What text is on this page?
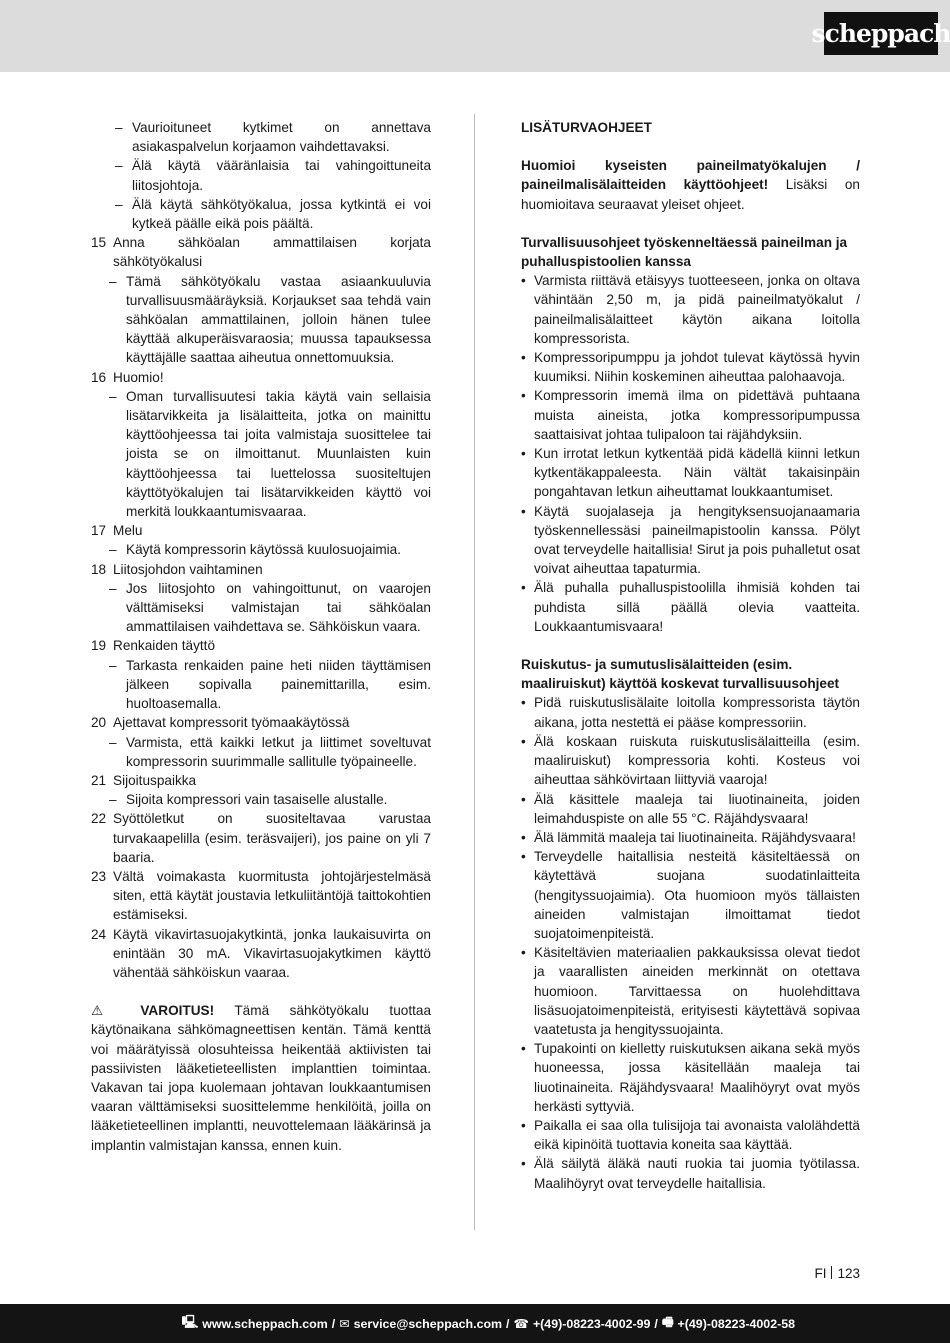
scheppach
– Vaurioituneet kytkimet on annettava asiakaspalvelun korjaamon vaihdettavaksi.
– Älä käytä vääränlaisia tai vahingoittuneita liitosjohtoja.
– Älä käytä sähkötyökalua, jossa kytkintä ei voi kytkeä päälle eikä pois päältä.
15 Anna sähköalan ammattilaisen korjata sähkötyökalusi
– Tämä sähkötyökalu vastaa asiaankuuluvia turvallisuusmääräyksiä. Korjaukset saa tehdä vain sähköalan ammattilainen, jolloin hänen tulee käyttää alkuperäisvaraosia; muussa tapauksessa käyttäjälle saattaa aiheutua onnettomuuksia.
16 Huomio!
– Oman turvallisuutesi takia käytä vain sellaisia lisätarvikkeita ja lisälaitteita, jotka on mainittu käyttöohjeessa tai joita valmistaja suosittelee tai joista se on ilmoittanut. Muunlaisten kuin käyttöohjeessa tai luettelossa suositeltujen käyttötyökalujen tai lisätarvikkeiden käyttö voi merkitä loukkaantumisvaaraa.
17 Melu
– Käytä kompressorin käytössä kuulosuojaimia.
18 Liitosjohdon vaihtaminen
– Jos liitosjohto on vahingoittunut, on vaarojen välttämiseksi valmistajan tai sähköalan ammattilaisen vaihdettava se. Sähköiskun vaara.
19 Renkaiden täyttö
– Tarkasta renkaiden paine heti niiden täyttämisen jälkeen sopivalla painemittarilla, esim. huoltoasemalla.
20 Ajettavat kompressorit työmaakäytössä
– Varmista, että kaikki letkut ja liittimet soveltuvat kompressorin suurimmalle sallitulle työpaineelle.
21 Sijoituspaikka
– Sijoita kompressori vain tasaiselle alustalle.
22 Syöttöletkut on suositeltavaa varustaa turvakaapelilla (esim. teräsvaijeri), jos paine on yli 7 baaria.
23 Vältä voimakasta kuormitusta johtojärjestelmäsä siten, että käytät joustavia letkuliitäntöjä taittokohtien estämiseksi.
24 Käytä vikavirtasuojakytkintä, jonka laukaisuvirta on enintään 30 mA. Vikavirtasuojakytkimen käyttö vähentää sähköiskun vaaraa.
⚠ VAROITUS! Tämä sähkötyökalu tuottaa käytönaikana sähkömagneettisen kentän. Tämä kenttä voi määrätyissä olosuhteissa heikentää aktiivisten tai passiivisten lääketieteellisten implanttien toimintaa. Vakavan tai jopa kuolemaan johtavan loukkaantumisen vaaran välttämiseksi suosittelemme henkilöitä, joilla on lääketieteellinen implantti, neuvottelemaan lääkärinsä ja implantin valmistajan kanssa, ennen kuin.
LISÄTURVAOHJEET
Huomioi kyseisten paineilmatyökalujen / paineilmalisälaitteiden käyttöohjeet! Lisäksi on huomioitava seuraavat yleiset ohjeet.
Turvallisuusohjeet työskenneltäessä paineilman ja puhalluspistoolien kanssa
• Varmista riittävä etäisyys tuotteeseen, jonka on oltava vähintään 2,50 m, ja pidä paineilmatyökalut / paineilmalisälaitteet käytön aikana loitolla kompressorista.
• Kompressoripumppu ja johdot tulevat käytössä hyvin kuumiksi. Niihin koskeminen aiheuttaa palohaavoja.
• Kompressorin imemä ilma on pidettävä puhtaana muista aineista, jotka kompressoripumpussa saattaisivat johtaa tulipaloon tai räjähdyksiin.
• Kun irrotat letkun kytkentää pidä kädellä kiinni letkun kytkentäkappaleesta. Näin vältät takaisinpäin pongahtavan letkun aiheuttamat loukkaantumiset.
• Käytä suojalaseja ja hengityksensuojanaamaria työskennellessäsi paineilmapistoolin kanssa. Pölyt ovat terveydelle haitallisia! Sirut ja pois puhalletut osat voivat aiheuttaa tapaturmia.
• Älä puhalla puhalluspistoolilla ihmisiä kohden tai puhdista sillä päällä olevia vaatteita. Loukkaantumisvaara!
Ruiskutus- ja sumutuslisälaitteiden (esim. maaliruiskut) käyttöä koskevat turvallisuusohjeet
• Pidä ruiskutuslisälaite loitolla kompressorista täytön aikana, jotta nestettä ei pääse kompressoriin.
• Älä koskaan ruiskuta ruiskutuslisälaitteilla (esim. maaliruiskut) kompressoria kohti. Kosteus voi aiheuttaa sähkövirtaan liittyviä vaaroja!
• Älä käsittele maaleja tai liuotinaineita, joiden leimahduspiste on alle 55 °C. Räjähdysvaara!
• Älä lämmitä maaleja tai liuotinaineita. Räjähdysvaara!
• Terveydelle haitallisia nesteitä käsiteltäessä on käytettävä suojana suodatinlaitteita (hengityssuojaimia). Ota huomioon myös tällaisten aineiden valmistajan ilmoittamat tiedot suojatoimenpiteistä.
• Käsiteltävien materiaalien pakkauksissa olevat tiedot ja vaarallisten aineiden merkinnät on otettava huomioon. Tarvittaessa on huolehdittava lisäsuojatoimenpiteistä, erityisesti käytettävä sopivaa vaatetusta ja hengityssuojainta.
• Tupakointi on kielletty ruiskutuksen aikana sekä myös huoneessa, jossa käsitellään maaleja tai liuotinaineita. Räjähdysvaara! Maalihöyryt ovat myös herkästi syttyviä.
• Paikalla ei saa olla tulisijoja tai avonaista valolähdettä eikä kipinöitä tuottavia koneita saa käyttää.
• Älä säilytä äläkä nauti ruokia tai juomia työtilassa. Maalihöyryt ovat terveydelle haitallisia.
FI 123
🖳 www.scheppach.com / ✉ service@scheppach.com / ☎ +(49)-08223-4002-99 / 🖷 +(49)-08223-4002-58
